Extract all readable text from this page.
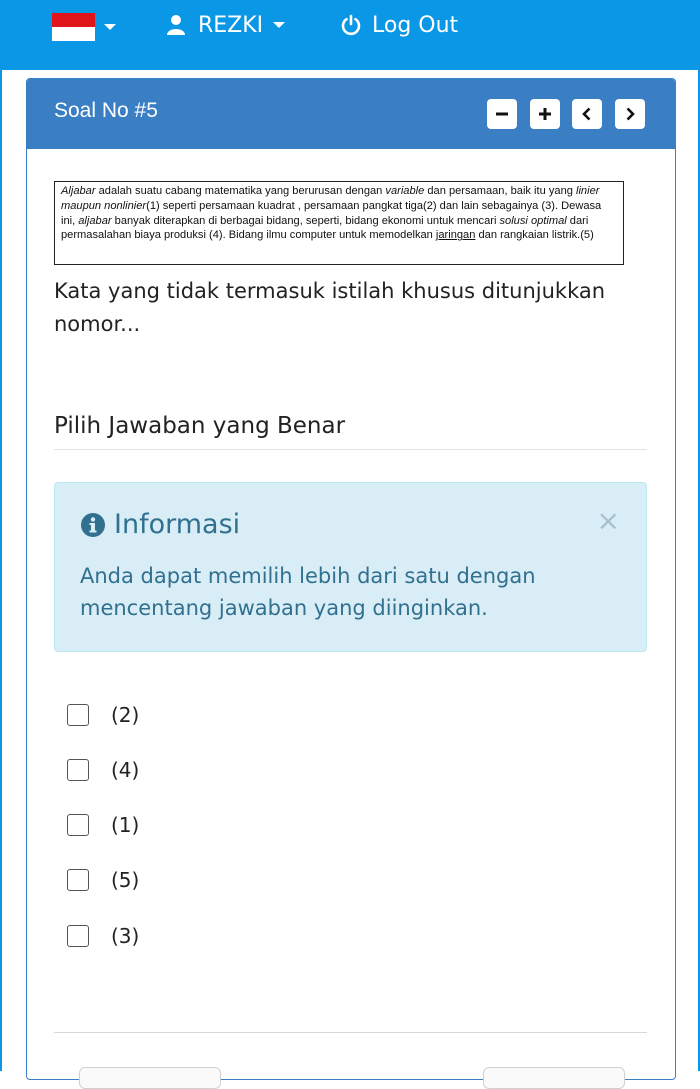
REZKI	Log Out
Soal No #5
Aljabar adalah suatu cabang matematika yang berurusan dengan variable dan persamaan, baik itu yang linier maupun nonlinier(1) seperti persamaan kuadrat , persamaan pangkat tiga(2) dan lain sebagainya (3). Dewasa ini, aljabar banyak diterapkan di berbagai bidang, seperti, bidang ekonomi untuk mencari solusi optimal dari permasalahan biaya produksi (4). Bidang ilmu computer untuk memodelkan jaringan dan rangkaian listrik.(5)
Kata yang tidak termasuk istilah khusus ditunjukkan nomor...
Pilih Jawaban yang Benar
Informasi	×
Anda dapat memilih lebih dari satu dengan mencentang jawaban yang diinginkan.
(2)
(4)
(1)
(5)
(3)
